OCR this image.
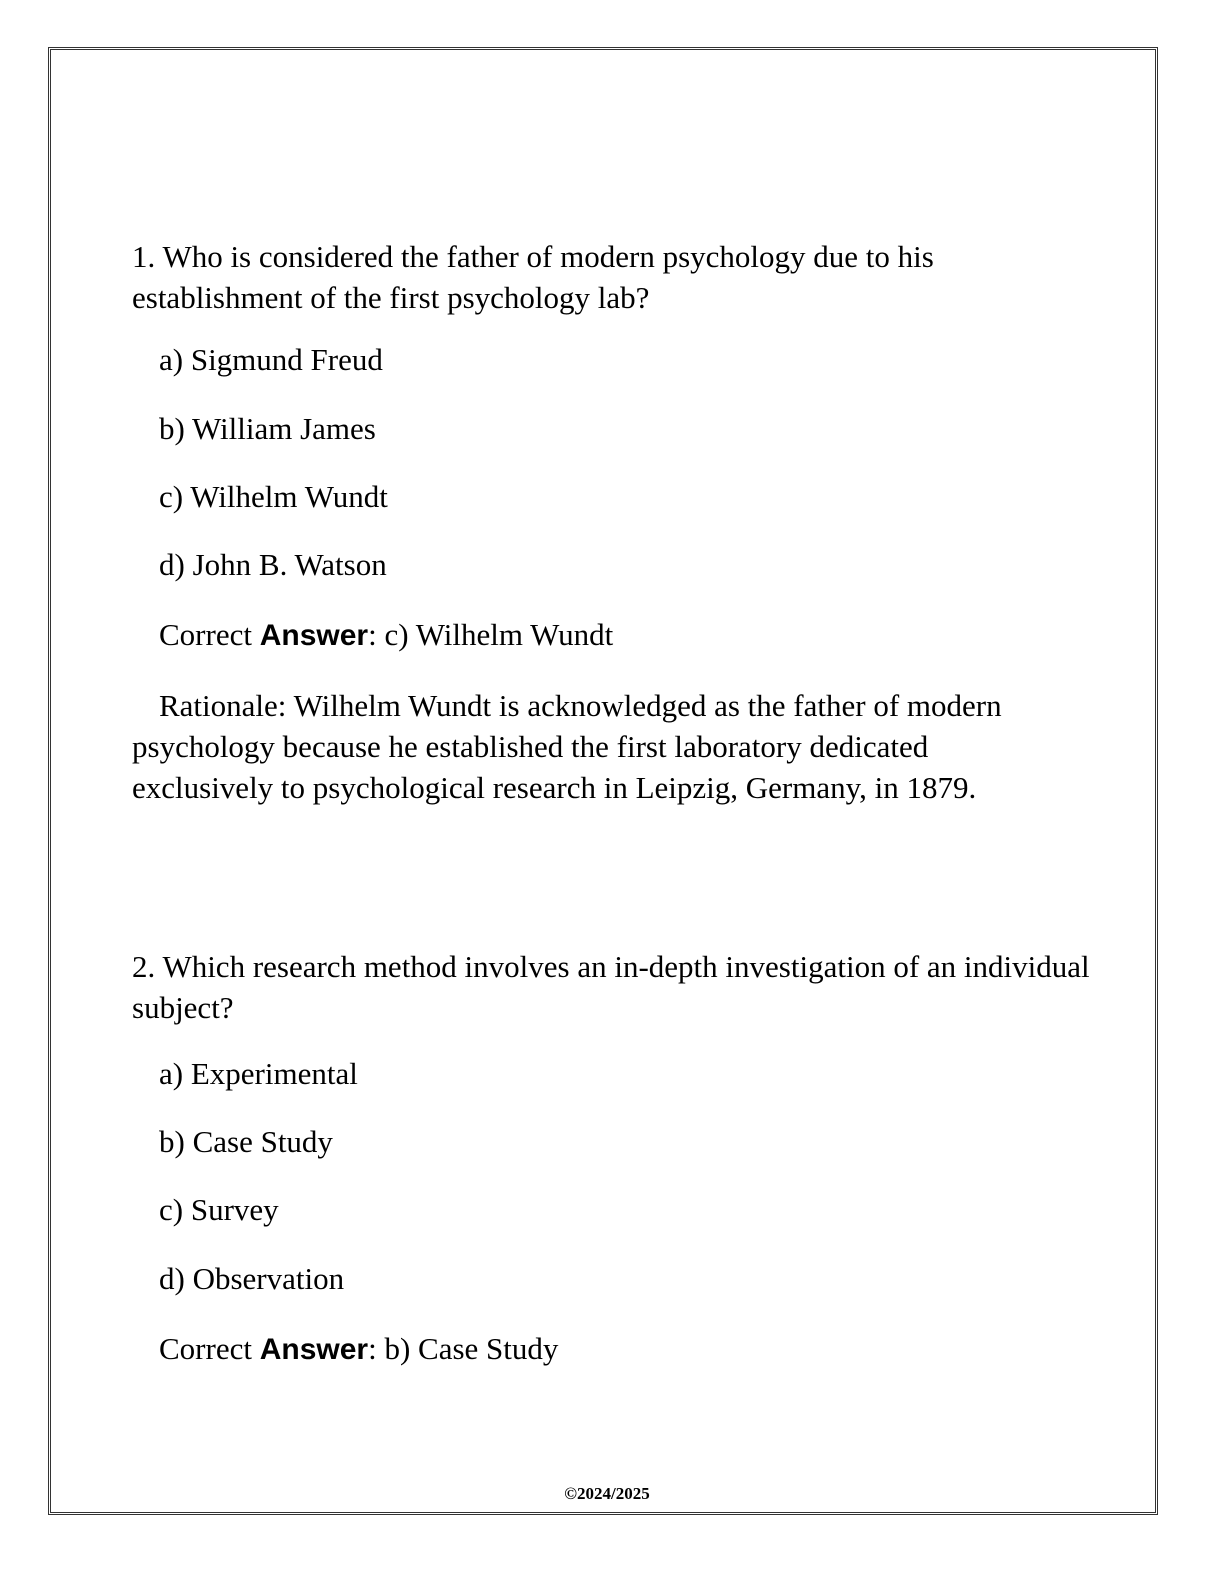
1. Who is considered the father of modern psychology due to his establishment of the first psychology lab?

a) Sigmund Freud

b) William James

c) Wilhelm Wundt

d) John B. Watson

Correct Answer: c) Wilhelm Wundt

Rationale: Wilhelm Wundt is acknowledged as the father of modern psychology because he established the first laboratory dedicated exclusively to psychological research in Leipzig, Germany, in 1879.

2. Which research method involves an in-depth investigation of an individual subject?

a) Experimental

b) Case Study

c) Survey

d) Observation

Correct Answer: b) Case Study

©2024/2025
